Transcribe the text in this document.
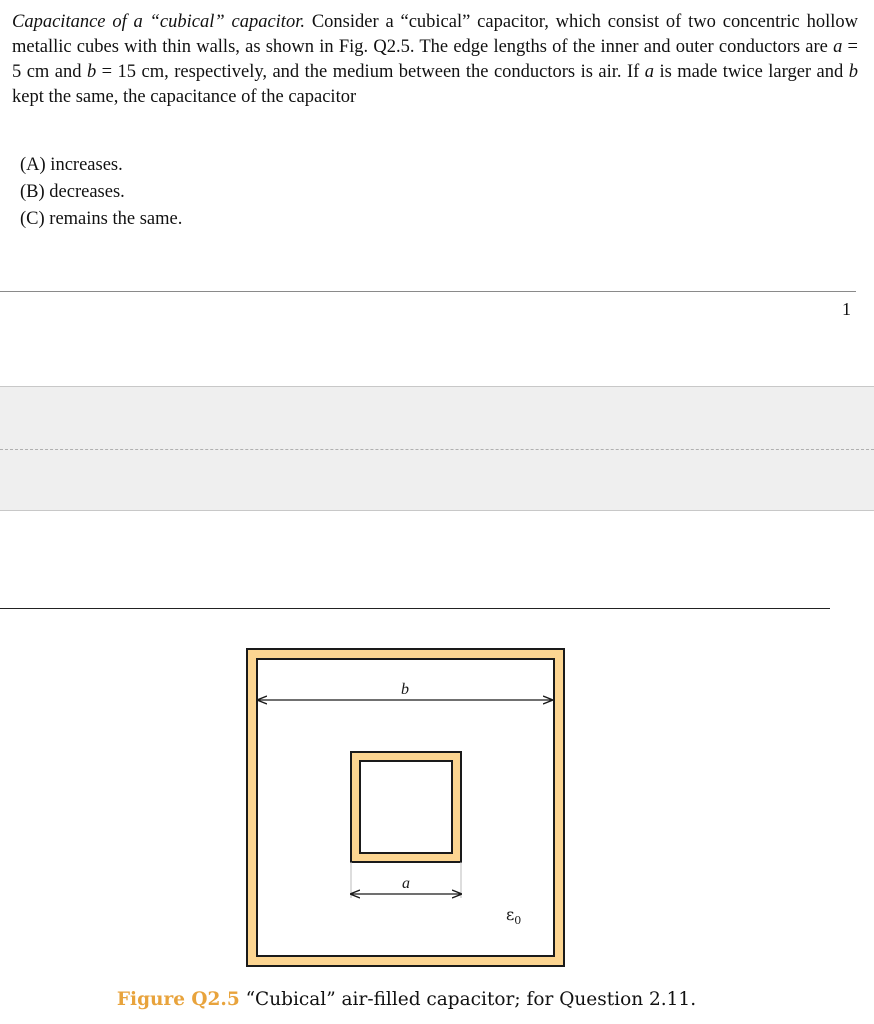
Capacitance of a “cubical” capacitor. Consider a “cubical” capacitor, which consist of two concentric hollow metallic cubes with thin walls, as shown in Fig. Q2.5. The edge lengths of the inner and outer conductors are a = 5 cm and b = 15 cm, respectively, and the medium between the conductors is air. If a is made twice larger and b kept the same, the capacitance of the capacitor
(A) increases.
(B) decreases.
(C) remains the same.
1
b
a
$\varepsilon_0$
Figure Q2.5 “Cubical” air-filled capacitor; for Question 2.11.
